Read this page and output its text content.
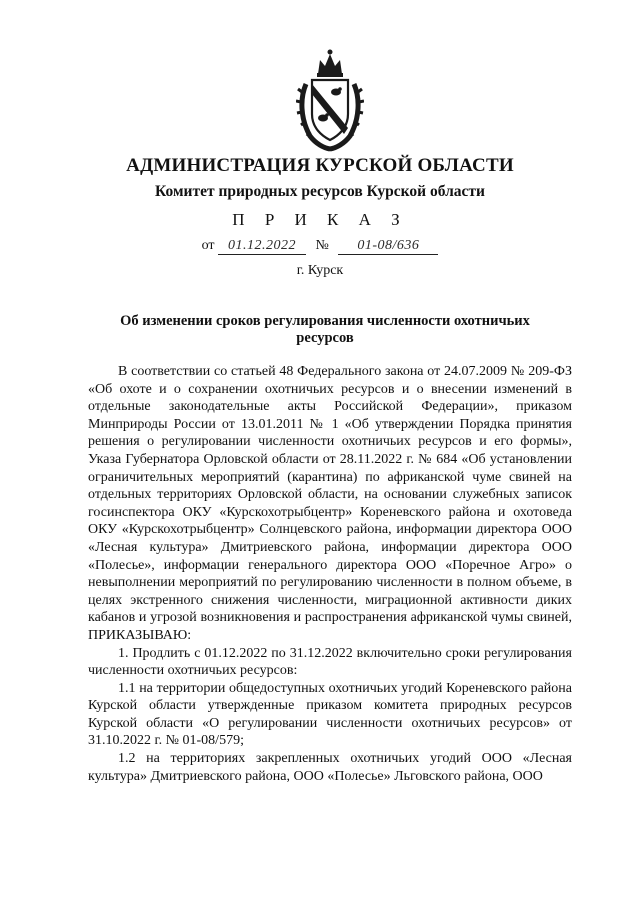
АДМИНИСТРАЦИЯ КУРСКОЙ ОБЛАСТИ
Комитет природных ресурсов Курской области
П Р И К А З
от 01.12.2022 № 01-08/636
г. Курск
Об изменении сроков регулирования численности охотничьих ресурсов

В соответствии со статьей 48 Федерального закона от 24.07.2009 № 209-ФЗ «Об охоте и о сохранении охотничьих ресурсов и о внесении изменений в отдельные законодательные акты Российской Федерации», приказом Минприроды России от 13.01.2011 № 1 «Об утверждении Порядка принятия решения о регулировании численности охотничьих ресурсов и его формы», Указа Губернатора Орловской области от 28.11.2022 г. № 684 «Об установлении ограничительных мероприятий (карантина) по африканской чуме свиней на отдельных территориях Орловской области, на основании служебных записок госинспектора ОКУ «Курскохотрыбцентр» Кореневского района и охотоведа ОКУ «Курскохотрыбцентр» Солнцевского района, информации директора ООО «Лесная культура» Дмитриевского района, информации директора ООО «Полесье», информации генерального директора ООО «Поречное Агро» о невыполнении мероприятий по регулированию численности в полном объеме, в целях экстренного снижения численности, миграционной активности диких кабанов и угрозой возникновения и распространения африканской чумы свиней, ПРИКАЗЫВАЮ:

1. Продлить с 01.12.2022 по 31.12.2022 включительно сроки регулирования численности охотничьих ресурсов:

1.1 на территории общедоступных охотничьих угодий Кореневского района Курской области утвержденные приказом комитета природных ресурсов Курской области «О регулировании численности охотничьих ресурсов» от 31.10.2022 г. № 01-08/579;

1.2 на территориях закрепленных охотничьих угодий ООО «Лесная культура» Дмитриевского района, ООО «Полесье» Льговского района, ООО
